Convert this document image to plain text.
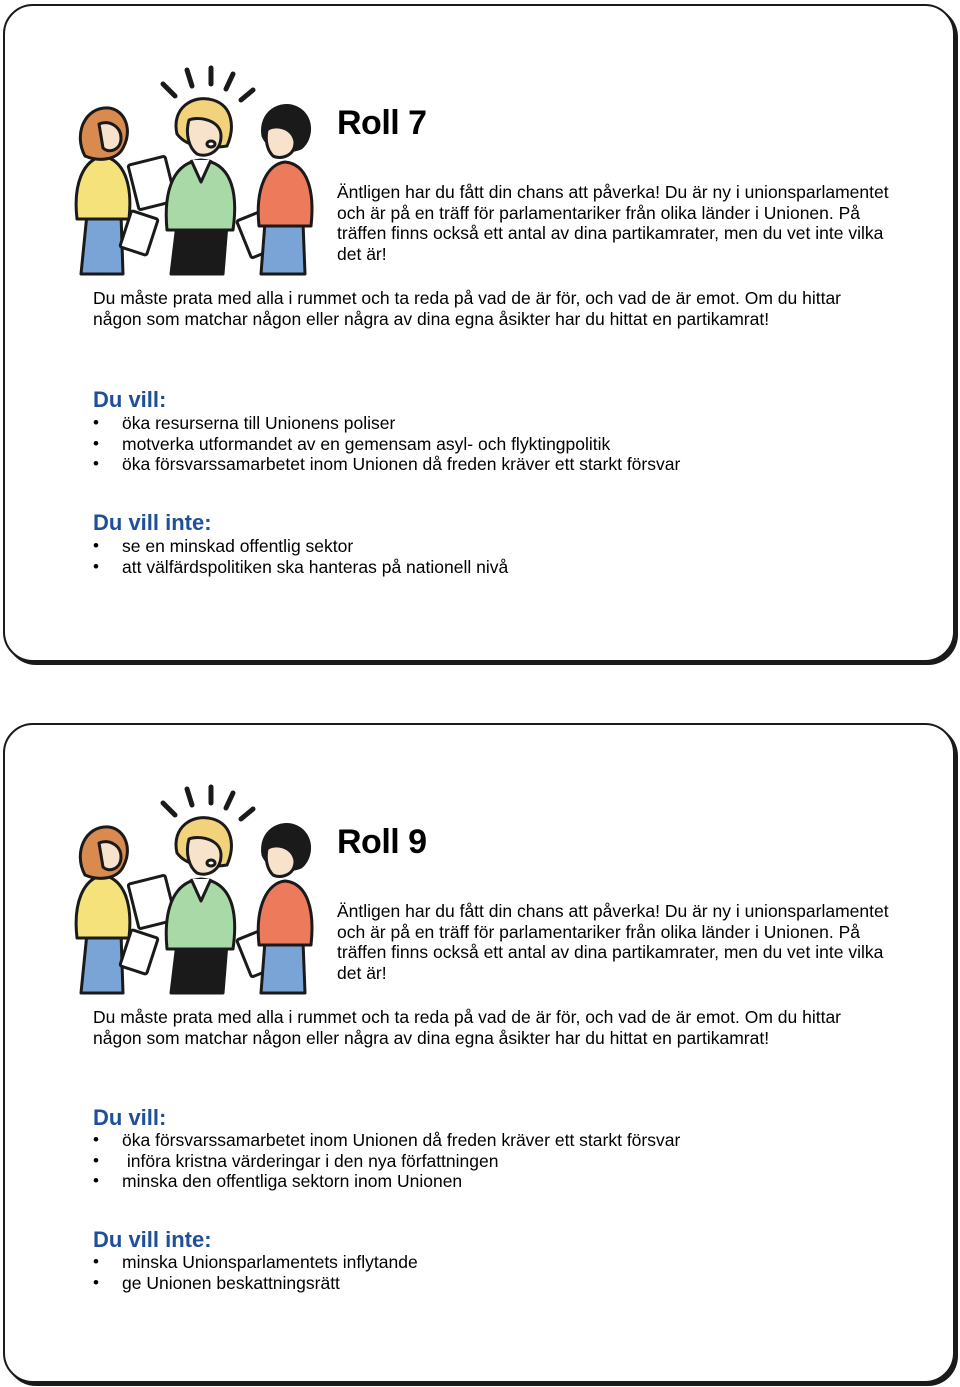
Roll 7

Äntligen har du fått din chans att påverka! Du är ny i unionsparlamentet och är på en träff för parlamentariker från olika länder i Unionen. På träffen finns också ett antal av dina partikamrater, men du vet inte vilka det är!

Du måste prata med alla i rummet och ta reda på vad de är för, och vad de är emot. Om du hittar någon som matchar någon eller några av dina egna åsikter har du hittat en partikamrat!

Du vill:
• öka resurserna till Unionens poliser
• motverka utformandet av en gemensam asyl- och flyktingpolitik
• öka försvarssamarbetet inom Unionen då freden kräver ett starkt försvar
Du vill inte:
• se en minskad offentlig sektor
• att välfärdspolitiken ska hanteras på nationell nivå
Roll 9

Äntligen har du fått din chans att påverka! Du är ny i unionsparlamentet och är på en träff för parlamentariker från olika länder i Unionen. På träffen finns också ett antal av dina partikamrater, men du vet inte vilka det är!

Du måste prata med alla i rummet och ta reda på vad de är för, och vad de är emot. Om du hittar någon som matchar någon eller några av dina egna åsikter har du hittat en partikamrat!

Du vill:
• öka försvarssamarbetet inom Unionen då freden kräver ett starkt försvar
•  införa kristna värderingar i den nya författningen
• minska den offentliga sektorn inom Unionen
Du vill inte:
• minska Unionsparlamentets inflytande
• ge Unionen beskattningsrätt
